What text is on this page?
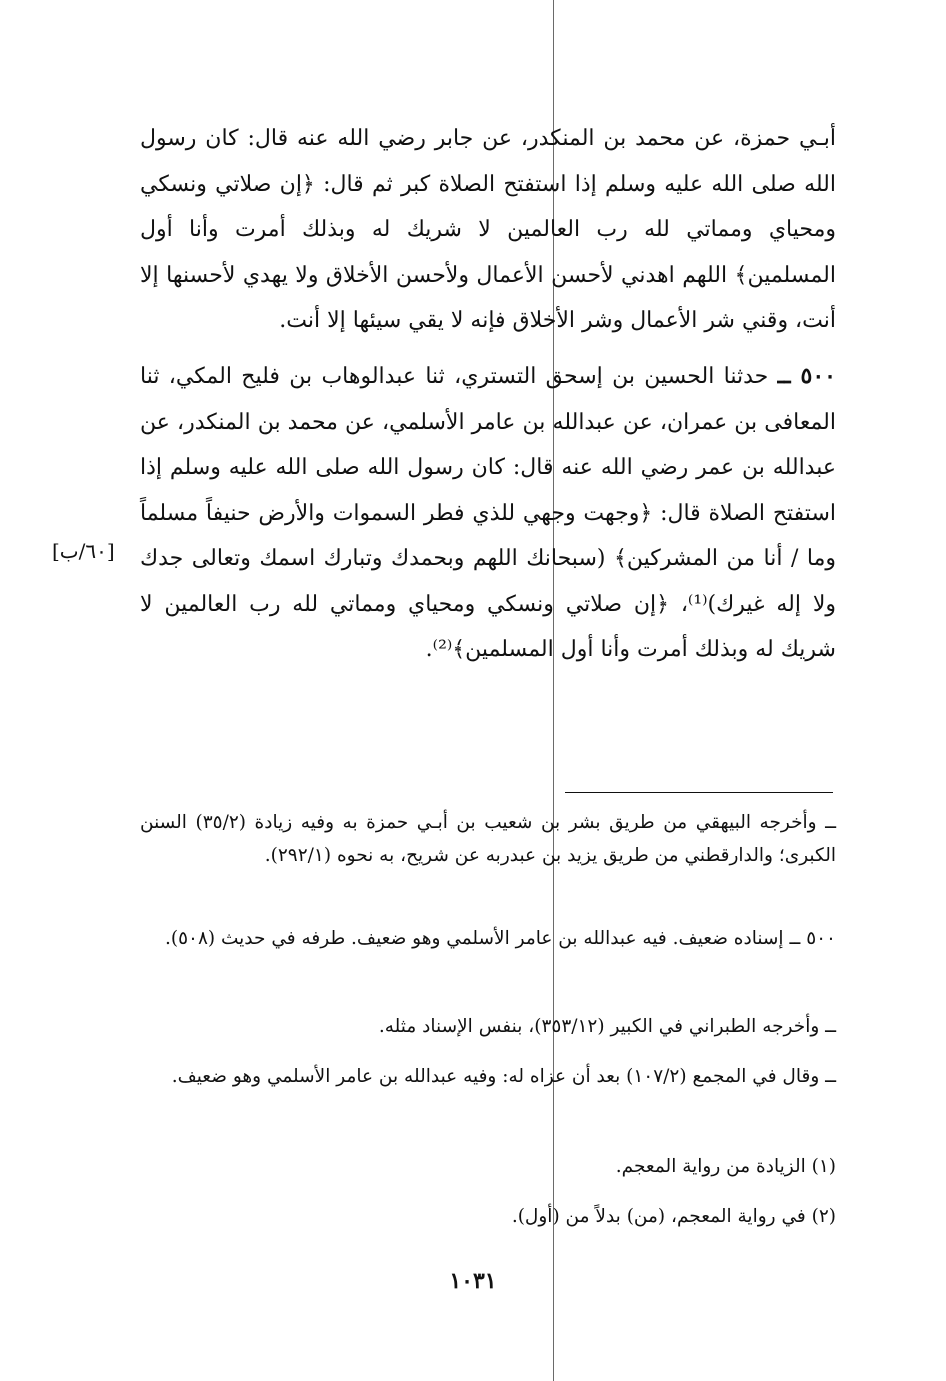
أبـي حمزة، عن محمد بن المنكدر، عن جابر رضي الله عنه قال: كان رسول الله صلى الله عليه وسلم إذا استفتح الصلاة كبر ثم قال: ﴿إن صلاتي ونسكي ومحياي ومماتي لله رب العالمين لا شريك له وبذلك أمرت وأنا أول المسلمين﴾ اللهم اهدني لأحسن الأعمال ولأحسن الأخلاق ولا يهدي لأحسنها إلا أنت، وقني شر الأعمال وشر الأخلاق فإنه لا يقي سيئها إلا أنت.

٥٠٠ ــ حدثنا الحسين بن إسحق التستري، ثنا عبدالوهاب بن فليح المكي، ثنا المعافى بن عمران، عن عبدالله بن عامر الأسلمي، عن محمد بن المنكدر، عن عبدالله بن عمر رضي الله عنه قال: كان رسول الله صلى الله عليه وسلم إذا استفتح الصلاة قال: ﴿وجهت وجهي للذي فطر السموات والأرض حنيفاً مسلماً وما / أنا من المشركين﴾ (سبحانك اللهم وبحمدك وتبارك اسمك وتعالى جدك ولا إله غيرك)⁽¹⁾، ﴿إن صلاتي ونسكي ومحياي ومماتي لله رب العالمين لا شريك له وبذلك أمرت وأنا أول المسلمين﴾⁽²⁾.

[٦٠/ب]

ــ وأخرجه البيهقي من طريق بشر بن شعيب بن أبـي حمزة به وفيه زيادة (٣٥/٢) السنن الكبرى؛ والدارقطني من طريق يزيد بن عبدربه عن شريح، به نحوه (٢٩٢/١).

٥٠٠ ــ إسناده ضعيف. فيه عبدالله بن عامر الأسلمي وهو ضعيف. طرفه في حديث (٥٠٨).

ــ وأخرجه الطبراني في الكبير (٣٥٣/١٢)، بنفس الإسناد مثله.

ــ وقال في المجمع (١٠٧/٢) بعد أن عزاه له: وفيه عبدالله بن عامر الأسلمي وهو ضعيف.

(١) الزيادة من رواية المعجم.

(٢) في رواية المعجم، (من) بدلاً من (أول).

١٠٣١
